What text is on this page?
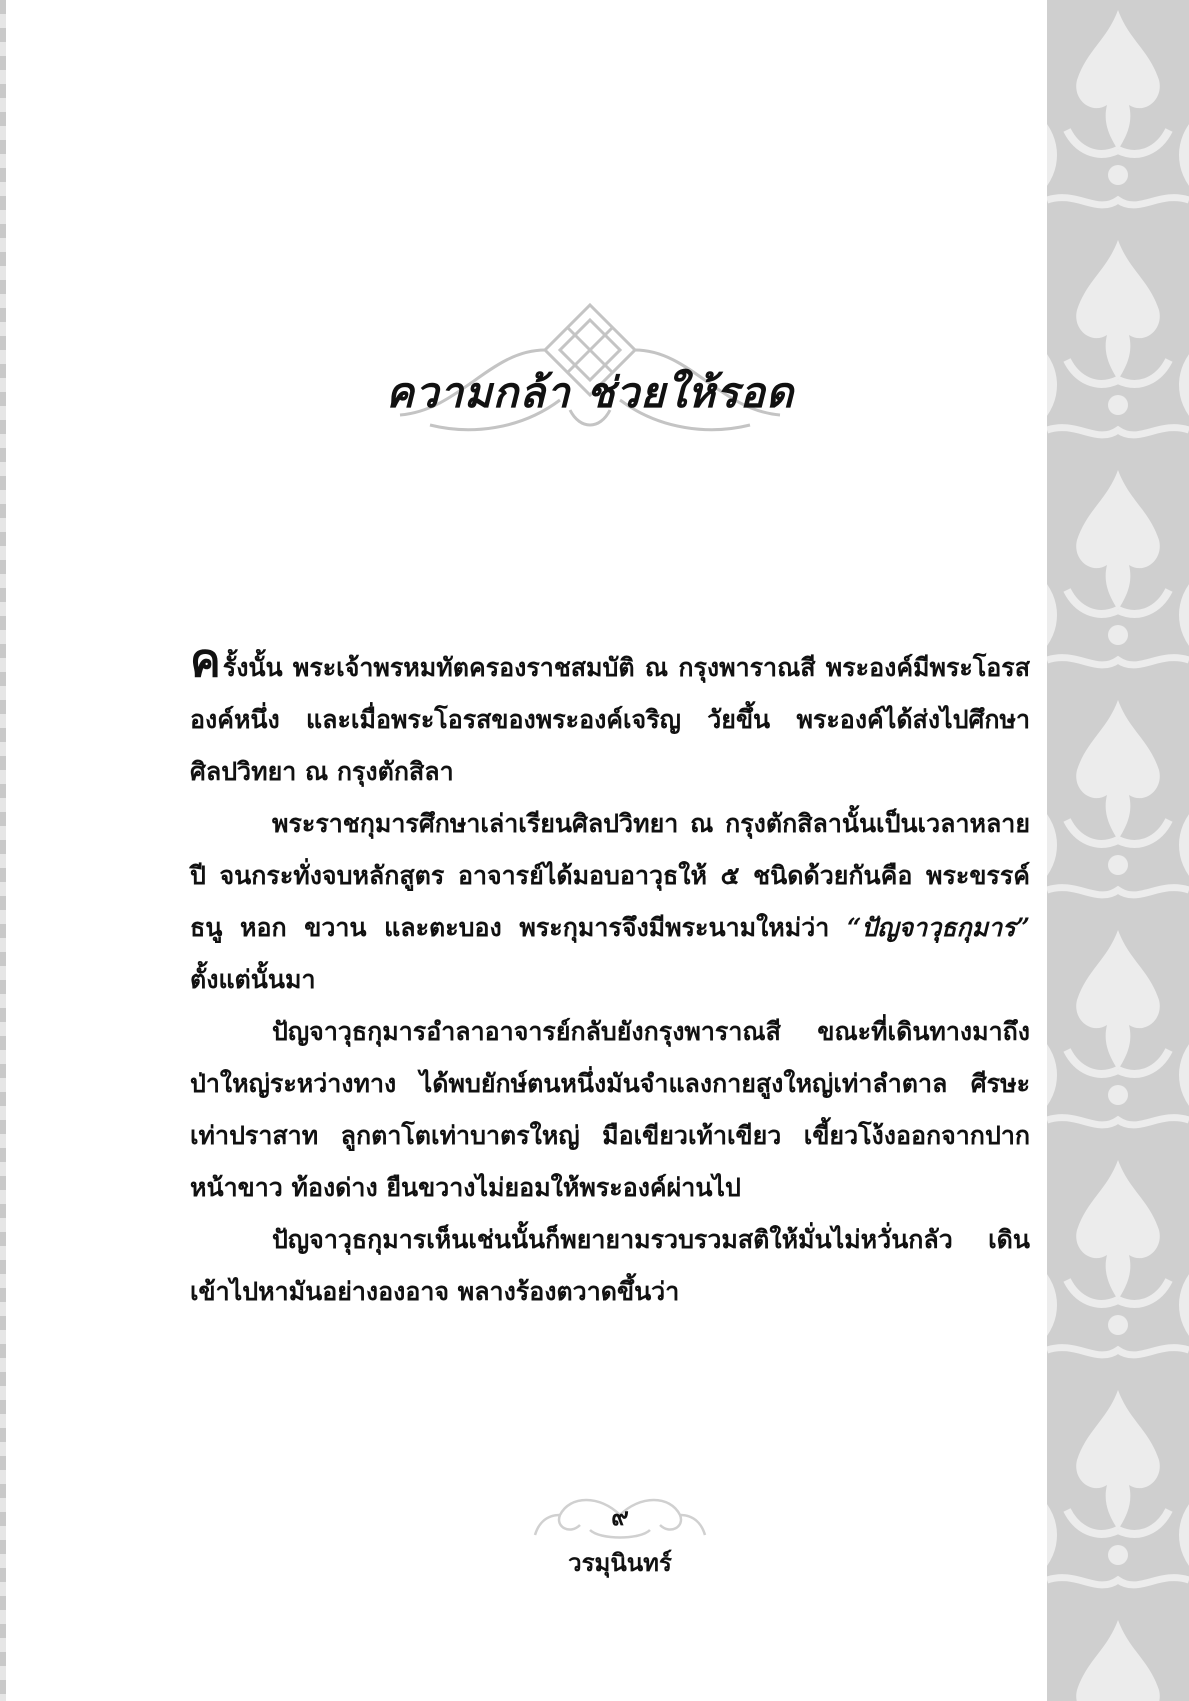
ความกล้า ช่วยให้รอด

ครั้งนั้น พระเจ้าพรหมทัตครองราชสมบัติ ณ กรุงพาราณสี พระองค์มีพระโอรสองค์หนึ่ง และเมื่อพระโอรสของพระองค์เจริญ วัยขึ้น พระองค์ได้ส่งไปศึกษาศิลปวิทยา ณ กรุงตักสิลา

พระราชกุมารศึกษาเล่าเรียนศิลปวิทยา ณ กรุงตักสิลานั้นเป็นเวลาหลายปี จนกระทั่งจบหลักสูตร อาจารย์ได้มอบอาวุธให้ ๕ ชนิดด้วยกันคือ พระขรรค์ ธนู หอก ขวาน และตะบอง พระกุมารจึงมีพระนามใหม่ว่า “ปัญจาวุธกุมาร” ตั้งแต่นั้นมา

ปัญจาวุธกุมารอำลาอาจารย์กลับยังกรุงพาราณสี ขณะที่เดินทางมาถึงป่าใหญ่ระหว่างทาง ได้พบยักษ์ตนหนึ่งมันจำแลงกายสูงใหญ่เท่าลำตาล ศีรษะเท่าปราสาท ลูกตาโตเท่าบาตรใหญ่ มือเขียวเท้าเขียว เขี้ยวโง้งออกจากปาก หน้าขาว ท้องด่าง ยืนขวางไม่ยอมให้พระองค์ผ่านไป

ปัญจาวุธกุมารเห็นเช่นนั้นก็พยายามรวบรวมสติให้มั่นไม่หวั่นกลัว เดินเข้าไปหามันอย่างองอาจ พลางร้องตวาดขึ้นว่า

๙
วรมุนินทร์
